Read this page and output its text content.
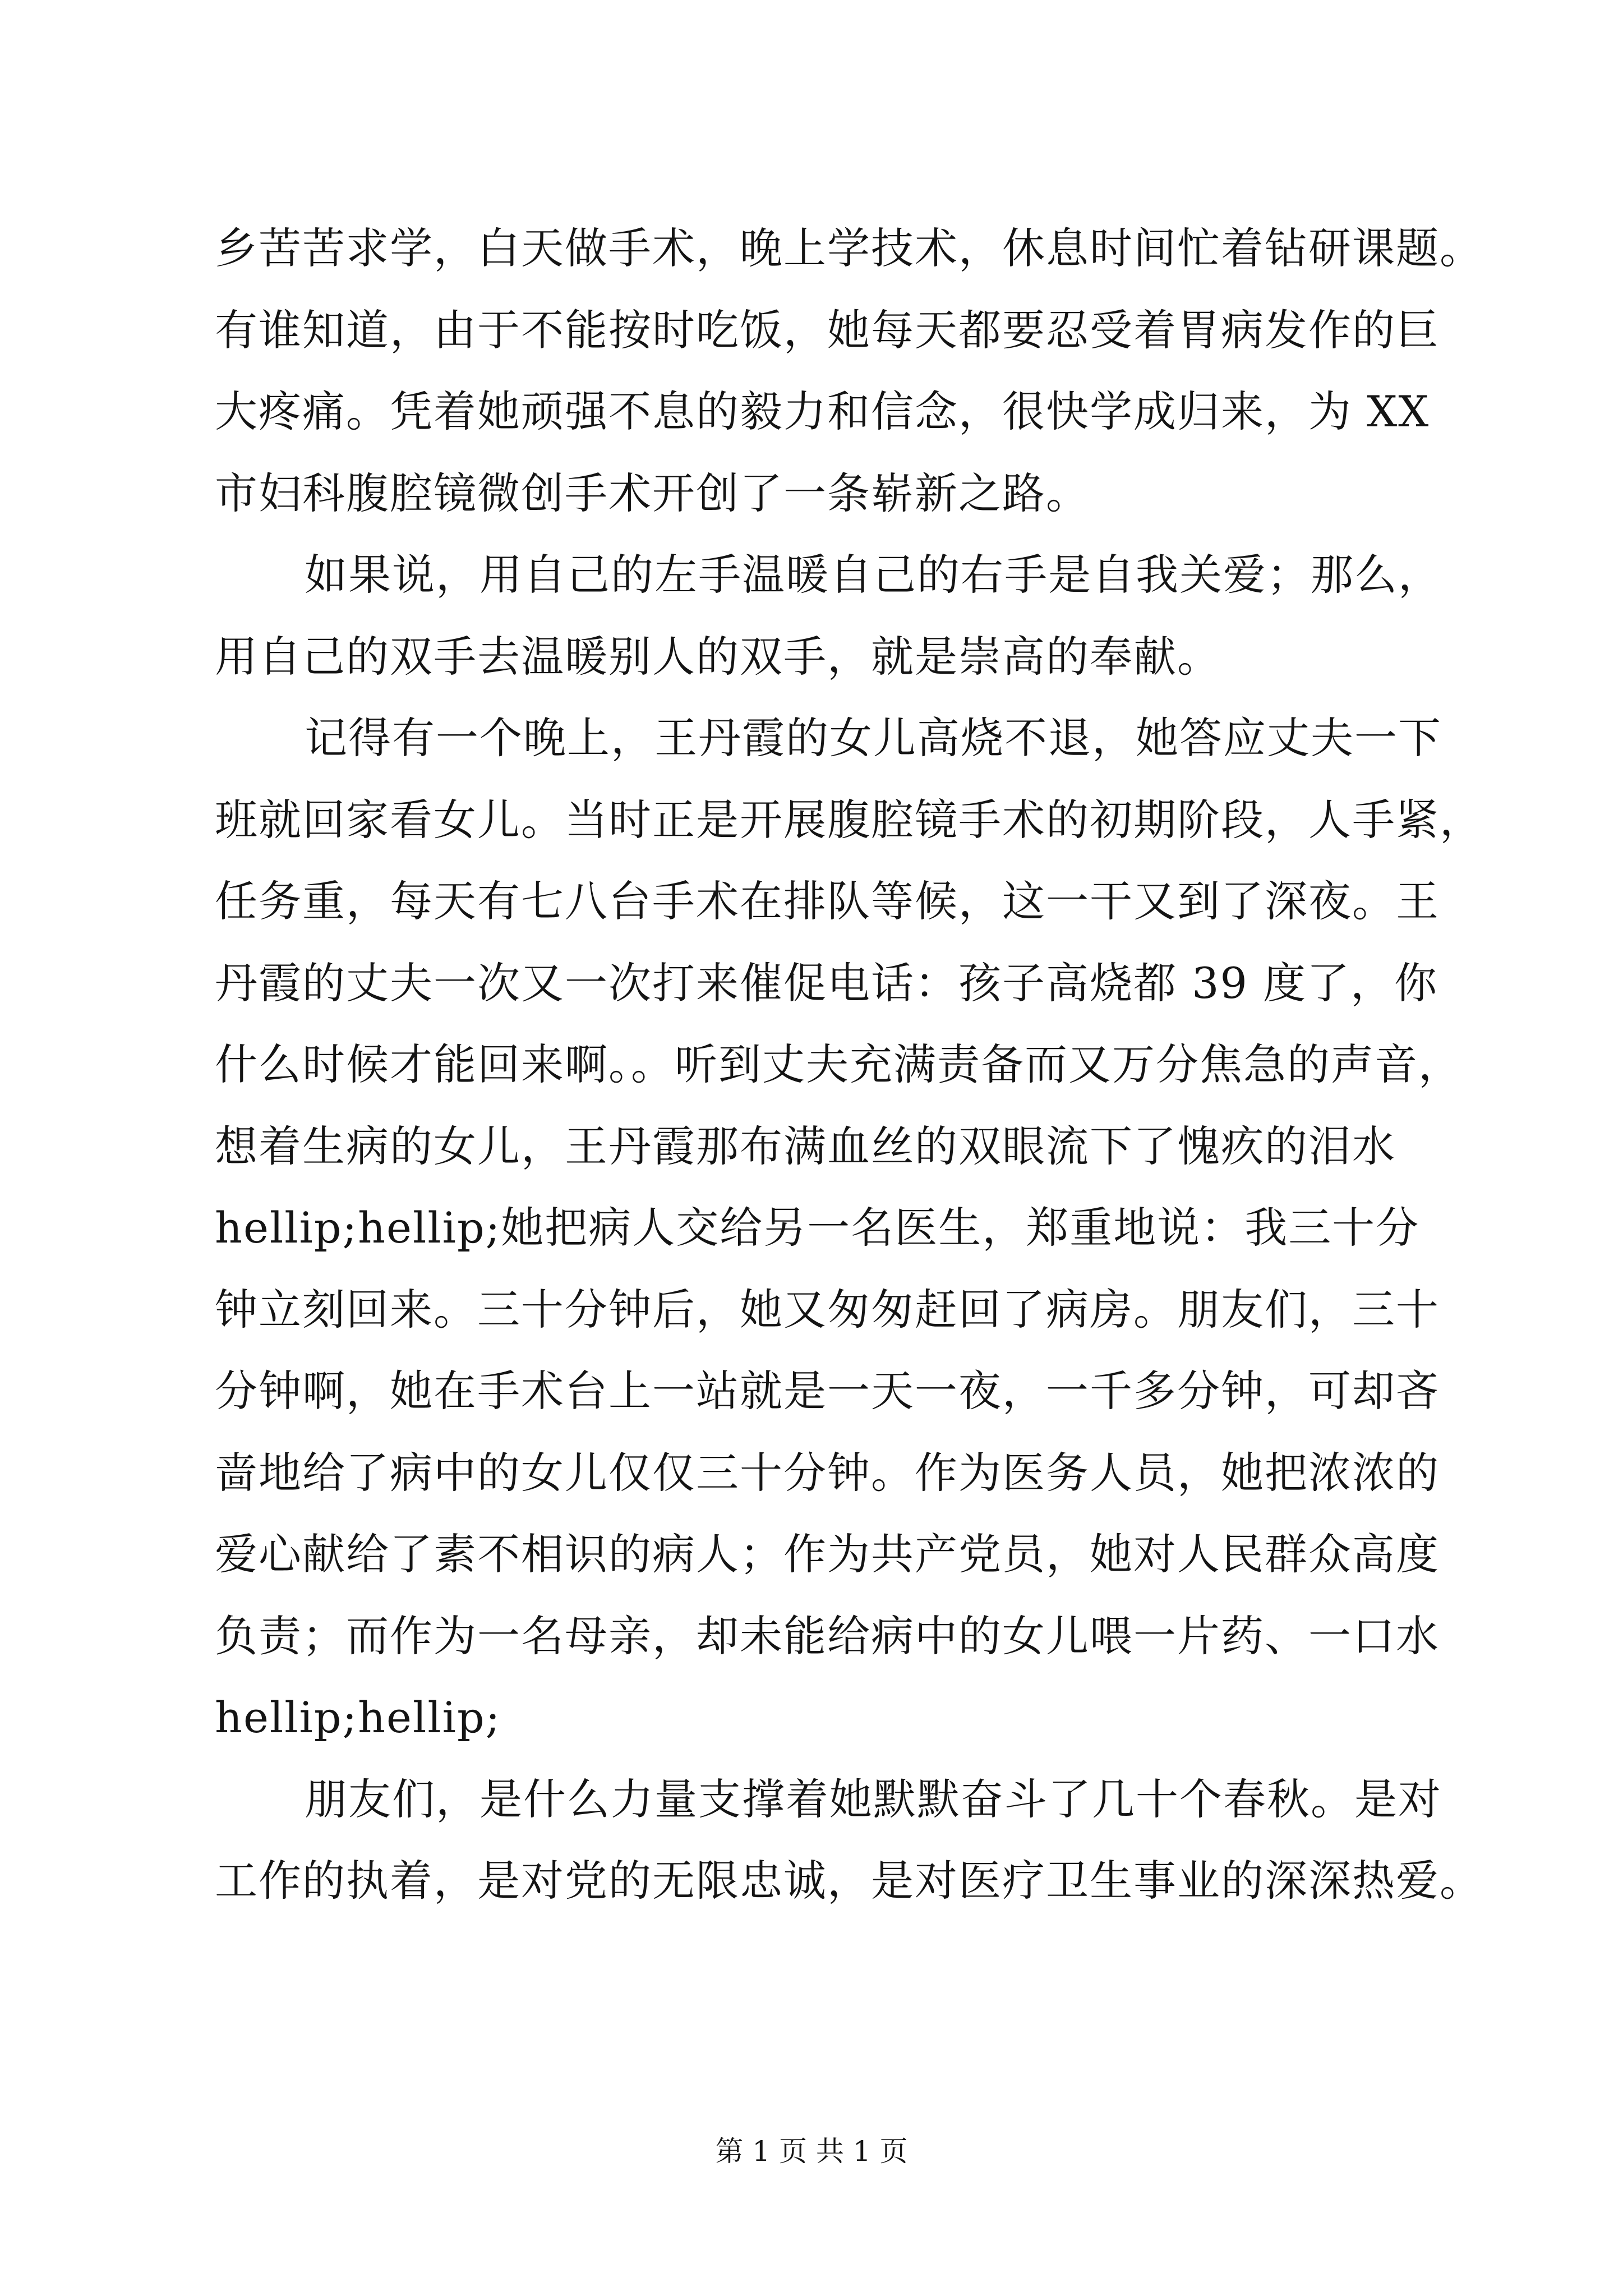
乡苦苦求学，白天做手术，晚上学技术，休息时间忙着钻研课题。
有谁知道，由于不能按时吃饭，她每天都要忍受着胃病发作的巨
大疼痛。凭着她顽强不息的毅力和信念，很快学成归来，为 XX
市妇科腹腔镜微创手术开创了一条崭新之路。
如果说，用自己的左手温暖自己的右手是自我关爱；那么，
用自己的双手去温暖别人的双手，就是崇高的奉献。
记得有一个晚上，王丹霞的女儿高烧不退，她答应丈夫一下
班就回家看女儿。当时正是开展腹腔镜手术的初期阶段，人手紧，
任务重，每天有七八台手术在排队等候，这一干又到了深夜。王
丹霞的丈夫一次又一次打来催促电话：孩子高烧都 39 度了，你
什么时候才能回来啊。。听到丈夫充满责备而又万分焦急的声音，
想着生病的女儿，王丹霞那布满血丝的双眼流下了愧疚的泪水
hellip;hellip;她把病人交给另一名医生，郑重地说：我三十分
钟立刻回来。三十分钟后，她又匆匆赶回了病房。朋友们，三十
分钟啊，她在手术台上一站就是一天一夜，一千多分钟，可却吝
啬地给了病中的女儿仅仅三十分钟。作为医务人员，她把浓浓的
爱心献给了素不相识的病人；作为共产党员，她对人民群众高度
负责；而作为一名母亲，却未能给病中的女儿喂一片药、一口水
hellip;hellip;
朋友们，是什么力量支撑着她默默奋斗了几十个春秋。是对
工作的执着，是对党的无限忠诚，是对医疗卫生事业的深深热爱。
第 1 页 共 1 页
